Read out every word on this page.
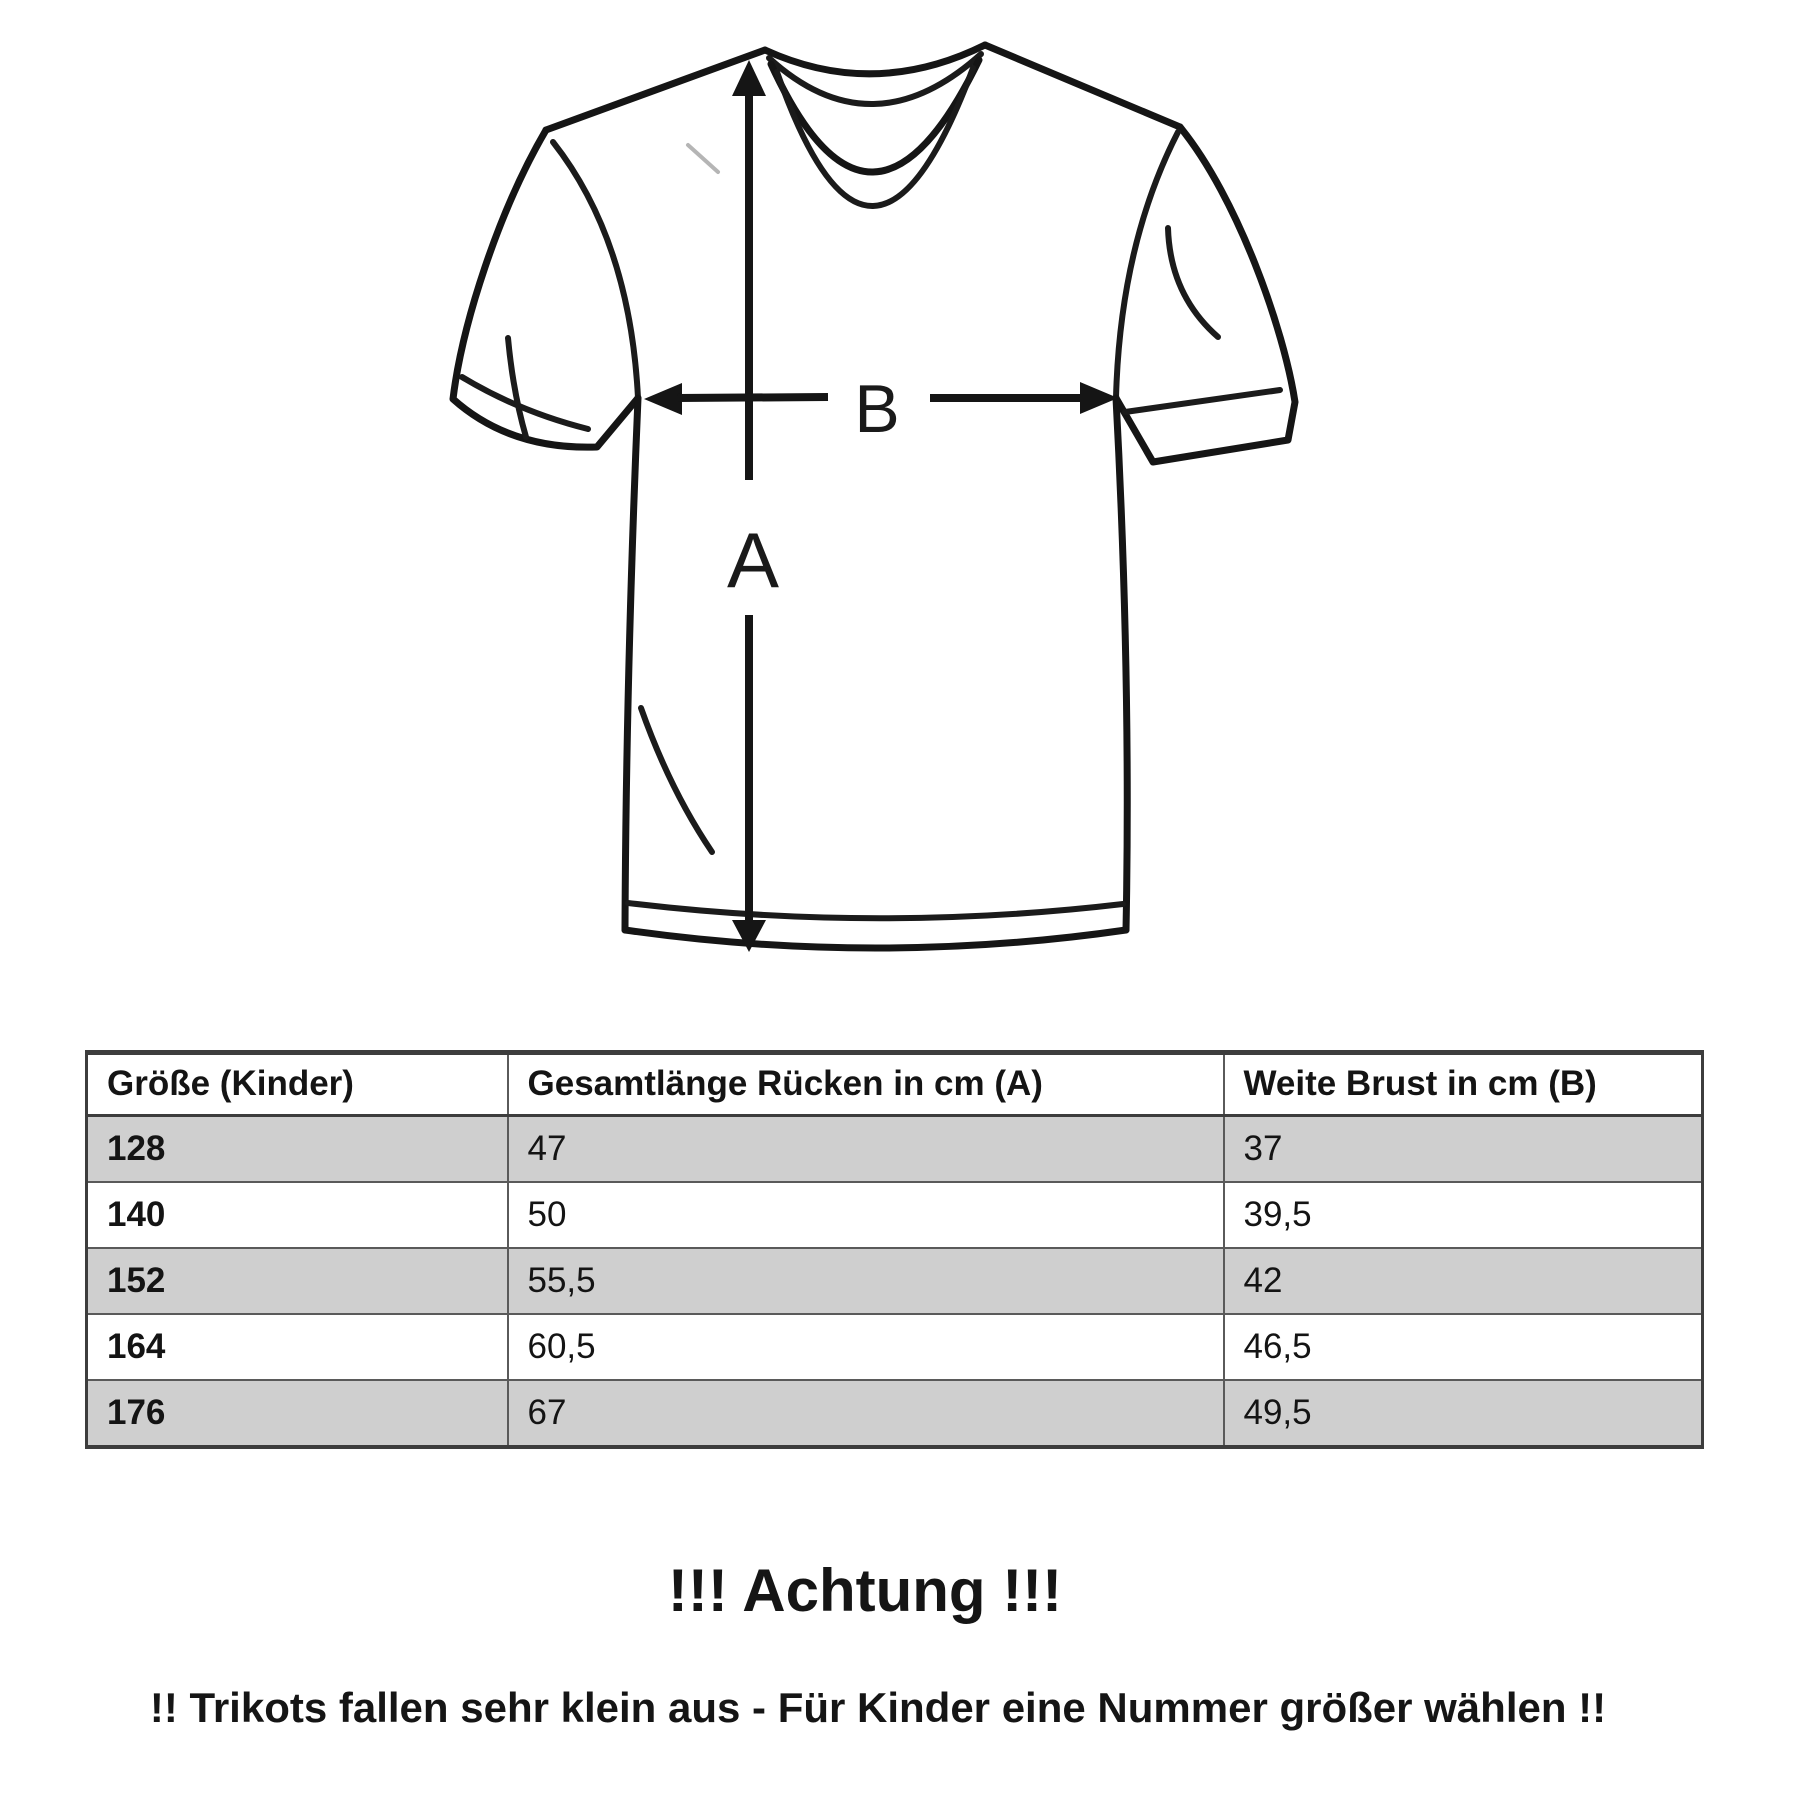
A
B
Größe (Kinder)	Gesamtlänge Rücken in cm (A)	Weite Brust in cm (B)
128	47	37
140	50	39,5
152	55,5	42
164	60,5	46,5
176	67	49,5
!!! Achtung !!!
!! Trikots fallen sehr klein aus - Für Kinder eine Nummer größer wählen !!
